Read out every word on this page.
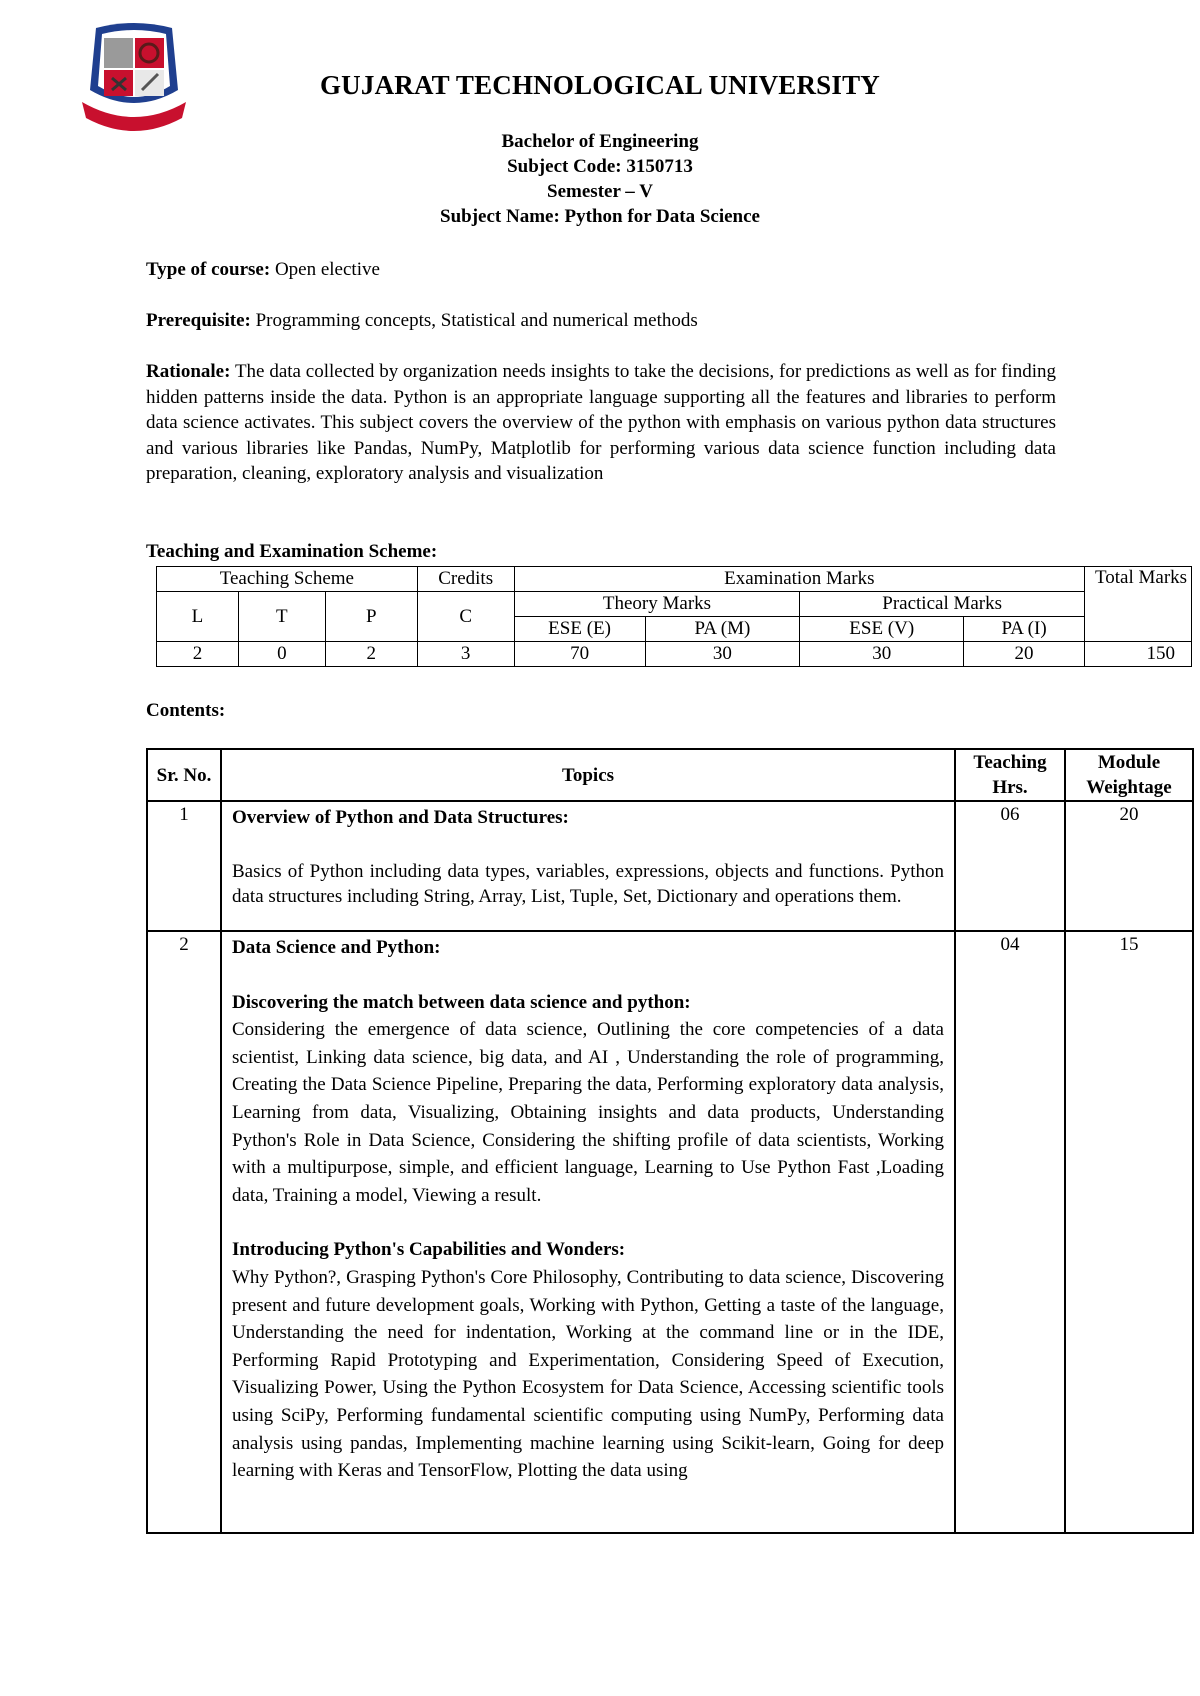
GUJARAT TECHNOLOGICAL UNIVERSITY
Bachelor of Engineering
Subject Code: 3150713
Semester – V
Subject Name: Python for Data Science
Type of course: Open elective
Prerequisite: Programming concepts, Statistical and numerical methods
Rationale: The data collected by organization needs insights to take the decisions, for predictions as well as for finding hidden patterns inside the data. Python is an appropriate language supporting all the features and libraries to perform data science activates. This subject covers the overview of the python with emphasis on various python data structures and various libraries like Pandas, NumPy, Matplotlib for performing various data science function including data preparation, cleaning, exploratory analysis and visualization
Teaching and Examination Scheme:
Teaching Scheme			Credits	Examination Marks				Total Marks
L	T	P	C	Theory Marks		Practical Marks		
				ESE (E)	PA (M)	ESE (V)	PA (I)	
2	0	2	3	70	30	30	20	150
Contents:
Sr. No.	Topics	Teaching Hrs.	Module Weightage
1	Overview of Python and Data Structures:
Basics of Python including data types, variables, expressions, objects and functions. Python data structures including String, Array, List, Tuple, Set, Dictionary and operations them.	06	20
2	Data Science and Python:
Discovering the match between data science and python:
Considering the emergence of data science, Outlining the core competencies of a data scientist, Linking data science, big data, and AI , Understanding the role of programming, Creating the Data Science Pipeline, Preparing the data, Performing exploratory data analysis, Learning from data, Visualizing, Obtaining insights and data products, Understanding Python's Role in Data Science, Considering the shifting profile of data scientists, Working with a multipurpose, simple, and efficient language, Learning to Use Python Fast ,Loading data, Training a model, Viewing a result.
Introducing Python's Capabilities and Wonders:
Why Python?, Grasping Python's Core Philosophy, Contributing to data science, Discovering present and future development goals, Working with Python, Getting a taste of the language, Understanding the need for indentation, Working at the command line or in the IDE, Performing Rapid Prototyping and Experimentation, Considering Speed of Execution, Visualizing Power, Using the Python Ecosystem for Data Science, Accessing scientific tools using SciPy, Performing fundamental scientific computing using NumPy, Performing data analysis using pandas, Implementing machine learning using Scikit-learn, Going for deep learning with Keras and TensorFlow, Plotting the data using	04	15
